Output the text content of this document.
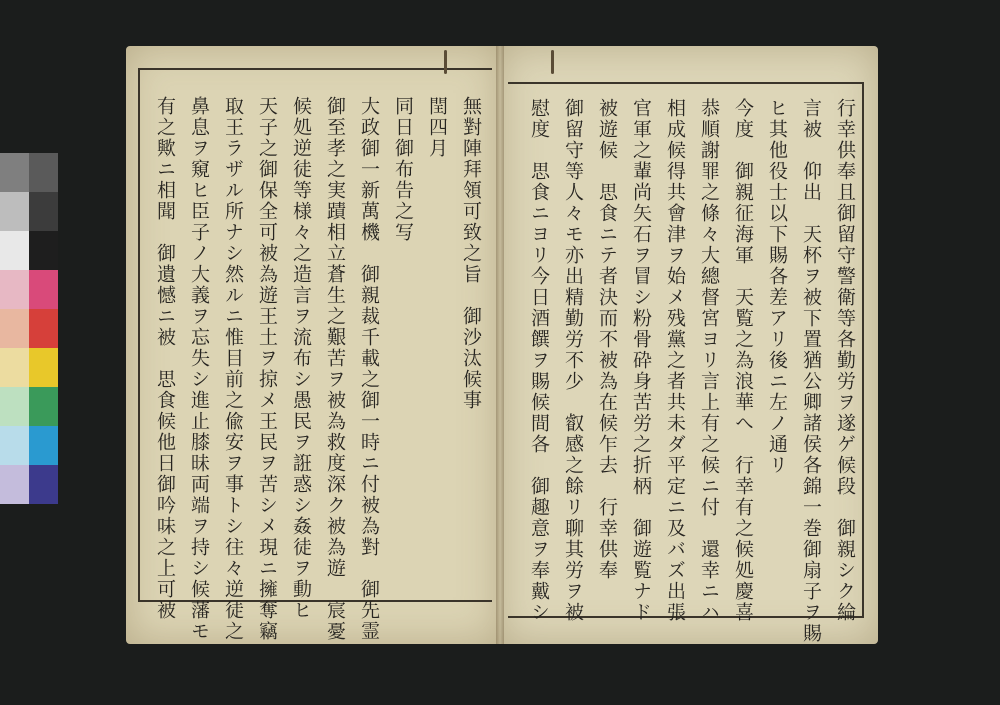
無對陣拜領可致之旨　御沙汰候事
閏四月
同日御布告之写
大政御一新萬機　御親裁千載之御一時ニ付被為對　御先霊
御至孝之実蹟相立蒼生之艱苦ヲ被為救度深ク被為遊　宸憂
候処逆徒等様々之造言ヲ流布シ愚民ヲ誑惑シ姦徒ヲ動ヒ
天子之御保全可被為遊王土ヲ掠メ王民ヲ苦シメ現ニ擁奪竊
取王ラザル所ナシ然ルニ惟目前之偸安ヲ事トシ往々逆徒之
鼻息ヲ窺ヒ臣子ノ大義ヲ忘失シ進止膝昧両端ヲ持シ候藩モ
有之歟ニ相聞　御遺憾ニ被　思食候他日御吟味之上可被	行幸供奉且御留守警衛等各勤労ヲ遂ゲ候段　御親シク綸
言被　仰出　天杯ヲ被下置猶公卿諸侯各錦一巻御扇子ヲ賜
ヒ其他役士以下賜各差アリ後ニ左ノ通リ
今度　御親征海軍　天覧之為浪華へ　行幸有之候処慶喜
恭順謝罪之條々大總督宮ヨリ言上有之候ニ付　還幸ニハ
相成候得共會津ヲ始メ残黨之者共未ダ平定ニ及バズ出張
官軍之輩尚矢石ヲ冒シ粉骨砕身苦労之折柄　御遊覧ナド
被遊候　思食ニテ者決而不被為在候乍去　行幸供奉
御留守等人々モ亦出精勤労不少　叡感之餘リ聊其労ヲ被
慰度　思食ニヨリ今日酒饌ヲ賜候間各　御趣意ヲ奉戴シ
